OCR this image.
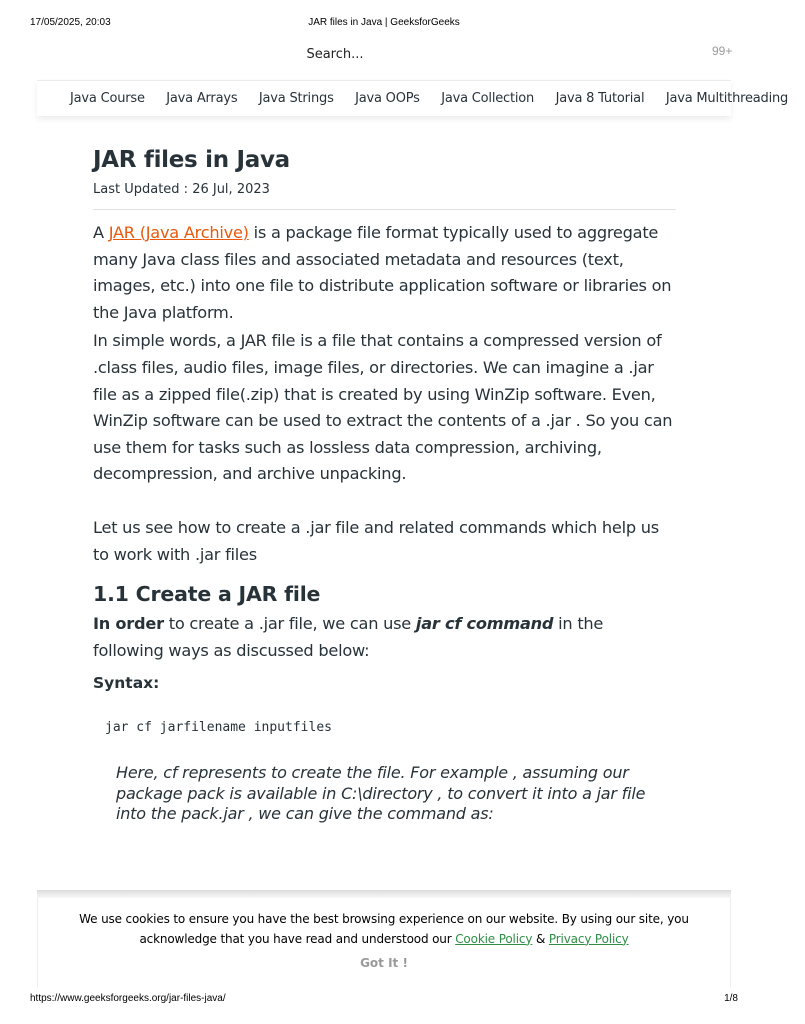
17/05/2025, 20:03	JAR files in Java | GeeksforGeeks
Search...	99+
Java Course Java Arrays Java Strings Java OOPs Java Collection Java 8 Tutorial Java Multithreading
JAR files in Java
Last Updated : 26 Jul, 2023

A JAR (Java Archive) is a package file format typically used to aggregate many Java class files and associated metadata and resources (text, images, etc.) into one file to distribute application software or libraries on the Java platform.

In simple words, a JAR file is a file that contains a compressed version of .class files, audio files, image files, or directories. We can imagine a .jar file as a zipped file(.zip) that is created by using WinZip software. Even, WinZip software can be used to extract the contents of a .jar . So you can use them for tasks such as lossless data compression, archiving, decompression, and archive unpacking.

Let us see how to create a .jar file and related commands which help us to work with .jar files

1.1 Create a JAR file

In order to create a .jar file, we can use jar cf command in the following ways as discussed below:

Syntax:
jar cf jarfilename inputfiles

Here, cf represents to create the file. For example , assuming our package pack is available in C:\directory , to convert it into a jar file into the pack.jar , we can give the command as:

We use cookies to ensure you have the best browsing experience on our website. By using our site, you acknowledge that you have read and understood our Cookie Policy & Privacy Policy

Got It !
https://www.geeksforgeeks.org/jar-files-java/	1/8
